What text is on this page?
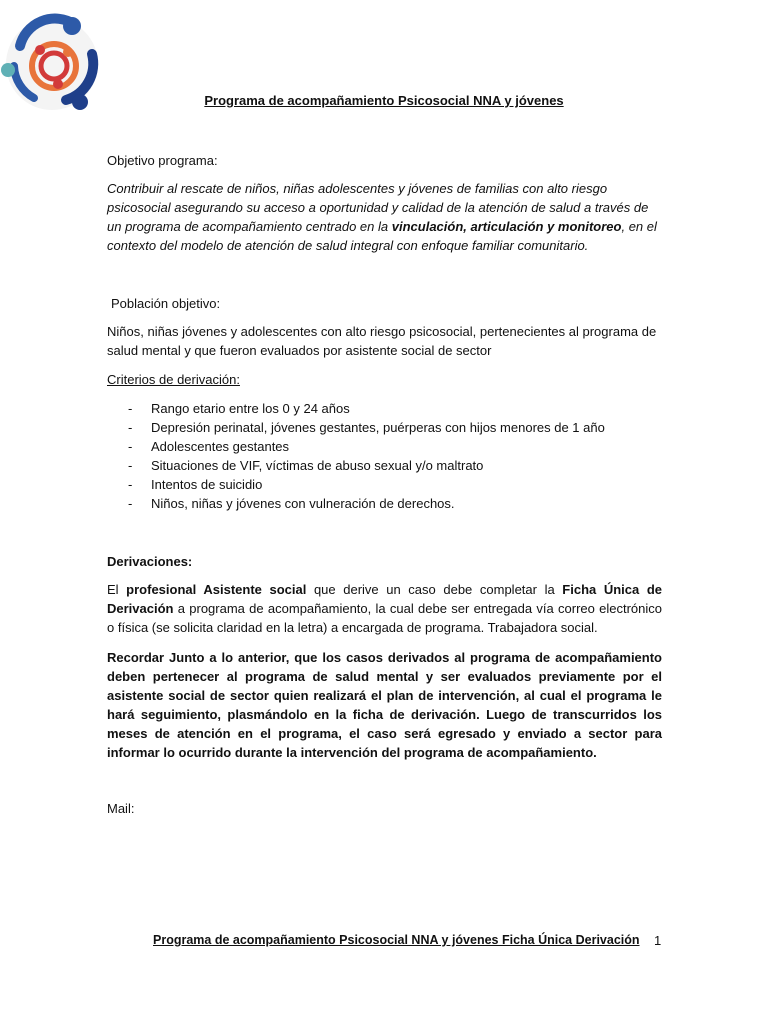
Programa de acompañamiento Psicosocial NNA y jóvenes
Objetivo programa:
Contribuir al rescate de niños, niñas adolescentes y jóvenes de familias con alto riesgo psicosocial asegurando su acceso a oportunidad y calidad de la atención de salud a través de un programa de acompañamiento centrado en la vinculación, articulación y monitoreo, en el contexto del modelo de atención de salud integral con enfoque familiar comunitario.
Población objetivo:
Niños, niñas jóvenes y adolescentes con alto riesgo psicosocial, pertenecientes al programa de salud mental y que fueron evaluados por asistente social de sector
Criterios de derivación:
- Rango etario entre los 0 y 24 años
- Depresión perinatal, jóvenes gestantes, puérperas con hijos menores de 1 año
- Adolescentes gestantes
- Situaciones de VIF, víctimas de abuso sexual y/o maltrato
- Intentos de suicidio
- Niños, niñas y jóvenes con vulneración de derechos.
Derivaciones:
El profesional Asistente social que derive un caso debe completar la Ficha Única de Derivación a programa de acompañamiento, la cual debe ser entregada vía correo electrónico o física (se solicita claridad en la letra) a encargada de programa. Trabajadora social.
Recordar Junto a lo anterior, que los casos derivados al programa de acompañamiento deben pertenecer al programa de salud mental y ser evaluados previamente por el asistente social de sector quien realizará el plan de intervención, al cual el programa le hará seguimiento, plasmándolo en la ficha de derivación. Luego de transcurridos los meses de atención en el programa, el caso será egresado y enviado a sector para informar lo ocurrido durante la intervención del programa de acompañamiento.
Mail:
Programa de acompañamiento Psicosocial NNA y jóvenes Ficha Única Derivación 1
